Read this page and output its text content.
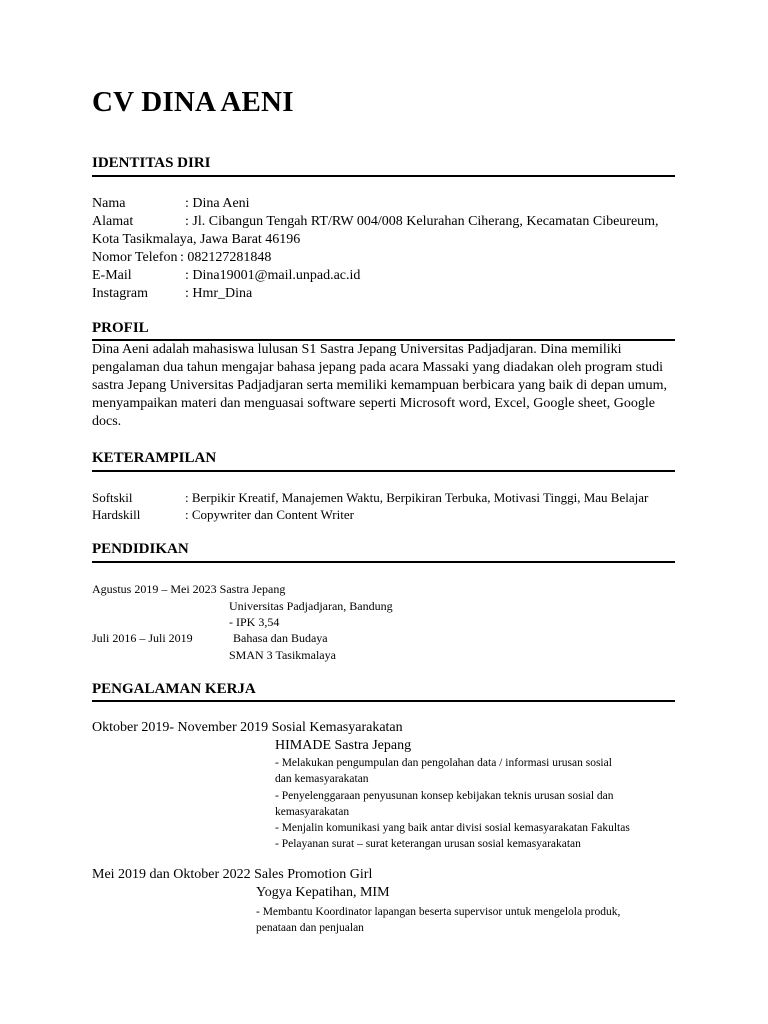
CV DINA AENI
IDENTITAS DIRI
Nama	: Dina Aeni
Alamat	: Jl. Cibangun Tengah RT/RW 004/008 Kelurahan Ciherang, Kecamatan Cibeureum,
Kota Tasikmalaya, Jawa Barat 46196
Nomor Telefon : 082127281848
E-Mail	: Dina19001@mail.unpad.ac.id
Instagram	: Hmr_Dina
PROFIL
Dina Aeni adalah mahasiswa lulusan S1 Sastra Jepang Universitas Padjadjaran. Dina memiliki
pengalaman dua tahun mengajar bahasa jepang pada acara Massaki yang diadakan oleh program studi
sastra Jepang Universitas Padjadjaran serta memiliki kemampuan berbicara yang baik di depan umum,
menyampaikan materi dan menguasai software seperti Microsoft word, Excel, Google sheet, Google
docs.
KETERAMPILAN
Softskil	: Berpikir Kreatif, Manajemen Waktu, Berpikiran Terbuka, Motivasi Tinggi, Mau Belajar
Hardskill	: Copywriter dan Content Writer
PENDIDIKAN
Agustus 2019 – Mei 2023 Sastra Jepang
Universitas Padjadjaran, Bandung
- IPK 3,54
Juli 2016 – Juli 2019	Bahasa dan Budaya
SMAN 3 Tasikmalaya
PENGALAMAN KERJA
Oktober 2019- November 2019 Sosial Kemasyarakatan
HIMADE Sastra Jepang
- Melakukan pengumpulan dan pengolahan data / informasi urusan sosial
dan kemasyarakatan
- Penyelenggaraan penyusunan konsep kebijakan teknis urusan sosial dan
kemasyarakatan
- Menjalin komunikasi yang baik antar divisi sosial kemasyarakatan Fakultas
- Pelayanan surat – surat keterangan urusan sosial kemasyarakatan
Mei 2019 dan Oktober 2022 Sales Promotion Girl
Yogya Kepatihan, MIM
- Membantu Koordinator lapangan beserta supervisor untuk mengelola produk,
penataan dan penjualan
